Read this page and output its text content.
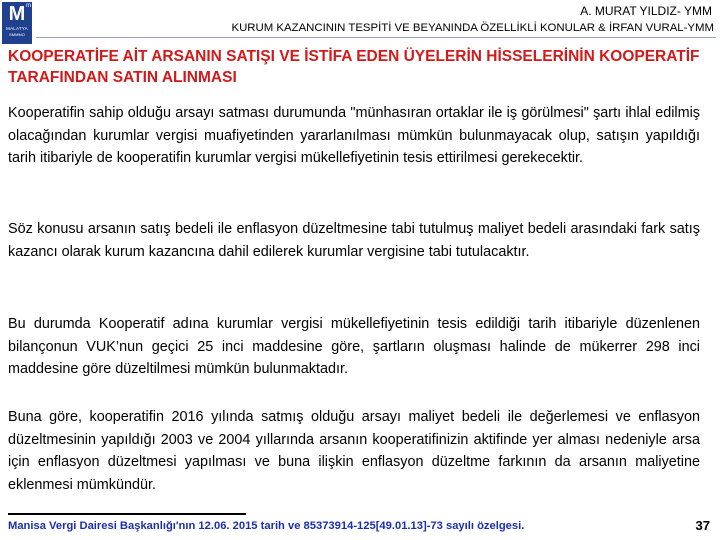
m
M
MALATYA
SMMMO
A. MURAT YILDIZ- YMM
KURUM KAZANCININ TESPİTİ VE BEYANINDA ÖZELLİKLİ KONULAR & İRFAN VURAL-YMM
KOOPERATİFE AİT ARSANIN SATIŞI VE İSTİFA EDEN ÜYELERİN HİSSELERİNİN KOOPERATİF TARAFINDAN SATIN ALINMASI

Kooperatifin sahip olduğu arsayı satması durumunda "münhasıran ortaklar ile iş görülmesi" şartı ihlal edilmiş olacağından kurumlar vergisi muafiyetinden yararlanılması mümkün bulunmayacak olup, satışın yapıldığı tarih itibariyle de kooperatifin kurumlar vergisi mükellefiyetinin tesis ettirilmesi gerekecektir.

Söz konusu arsanın satış bedeli ile enflasyon düzeltmesine tabi tutulmuş maliyet bedeli arasındaki fark satış kazancı olarak kurum kazancına dahil edilerek kurumlar vergisine tabi tutulacaktır.

Bu durumda Kooperatif adına kurumlar vergisi mükellefiyetinin tesis edildiği tarih itibariyle düzenlenen bilançonun VUK’nun geçici 25 inci maddesine göre, şartların oluşması halinde de mükerrer 298 inci maddesine göre düzeltilmesi mümkün bulunmaktadır.

Buna göre, kooperatifin 2016 yılında satmış olduğu arsayı maliyet bedeli ile değerlemesi ve enflasyon düzeltmesinin yapıldığı 2003 ve 2004 yıllarında arsanın kooperatifinizin aktifinde yer alması nedeniyle arsa için enflasyon düzeltmesi yapılması ve buna ilişkin enflasyon düzeltme farkının da arsanın maliyetine eklenmesi mümkündür.

Manisa Vergi Dairesi Başkanlığı'nın 12.06. 2015 tarih ve 85373914-125[49.01.13]-73 sayılı özelgesi.	37
